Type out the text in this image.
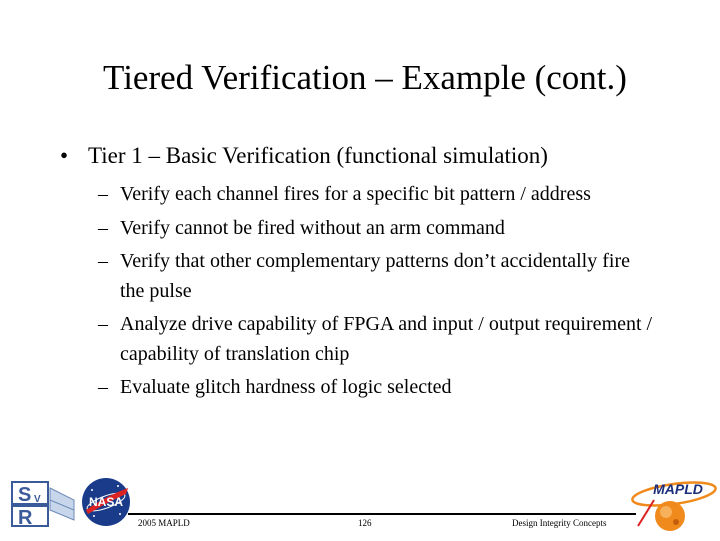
Tiered Verification – Example (cont.)
• Tier 1 – Basic Verification (functional simulation)
– Verify each channel fires for a specific bit pattern / address
– Verify cannot be fired without an arm command
– Verify that other complementary patterns don’t accidentally fire the pulse
– Analyze drive capability of FPGA and input / output requirement / capability of translation chip
– Evaluate glitch hardness of logic selected
S V
R
NASA
MAPLD
2005 MAPLD	126	Design Integrity Concepts
